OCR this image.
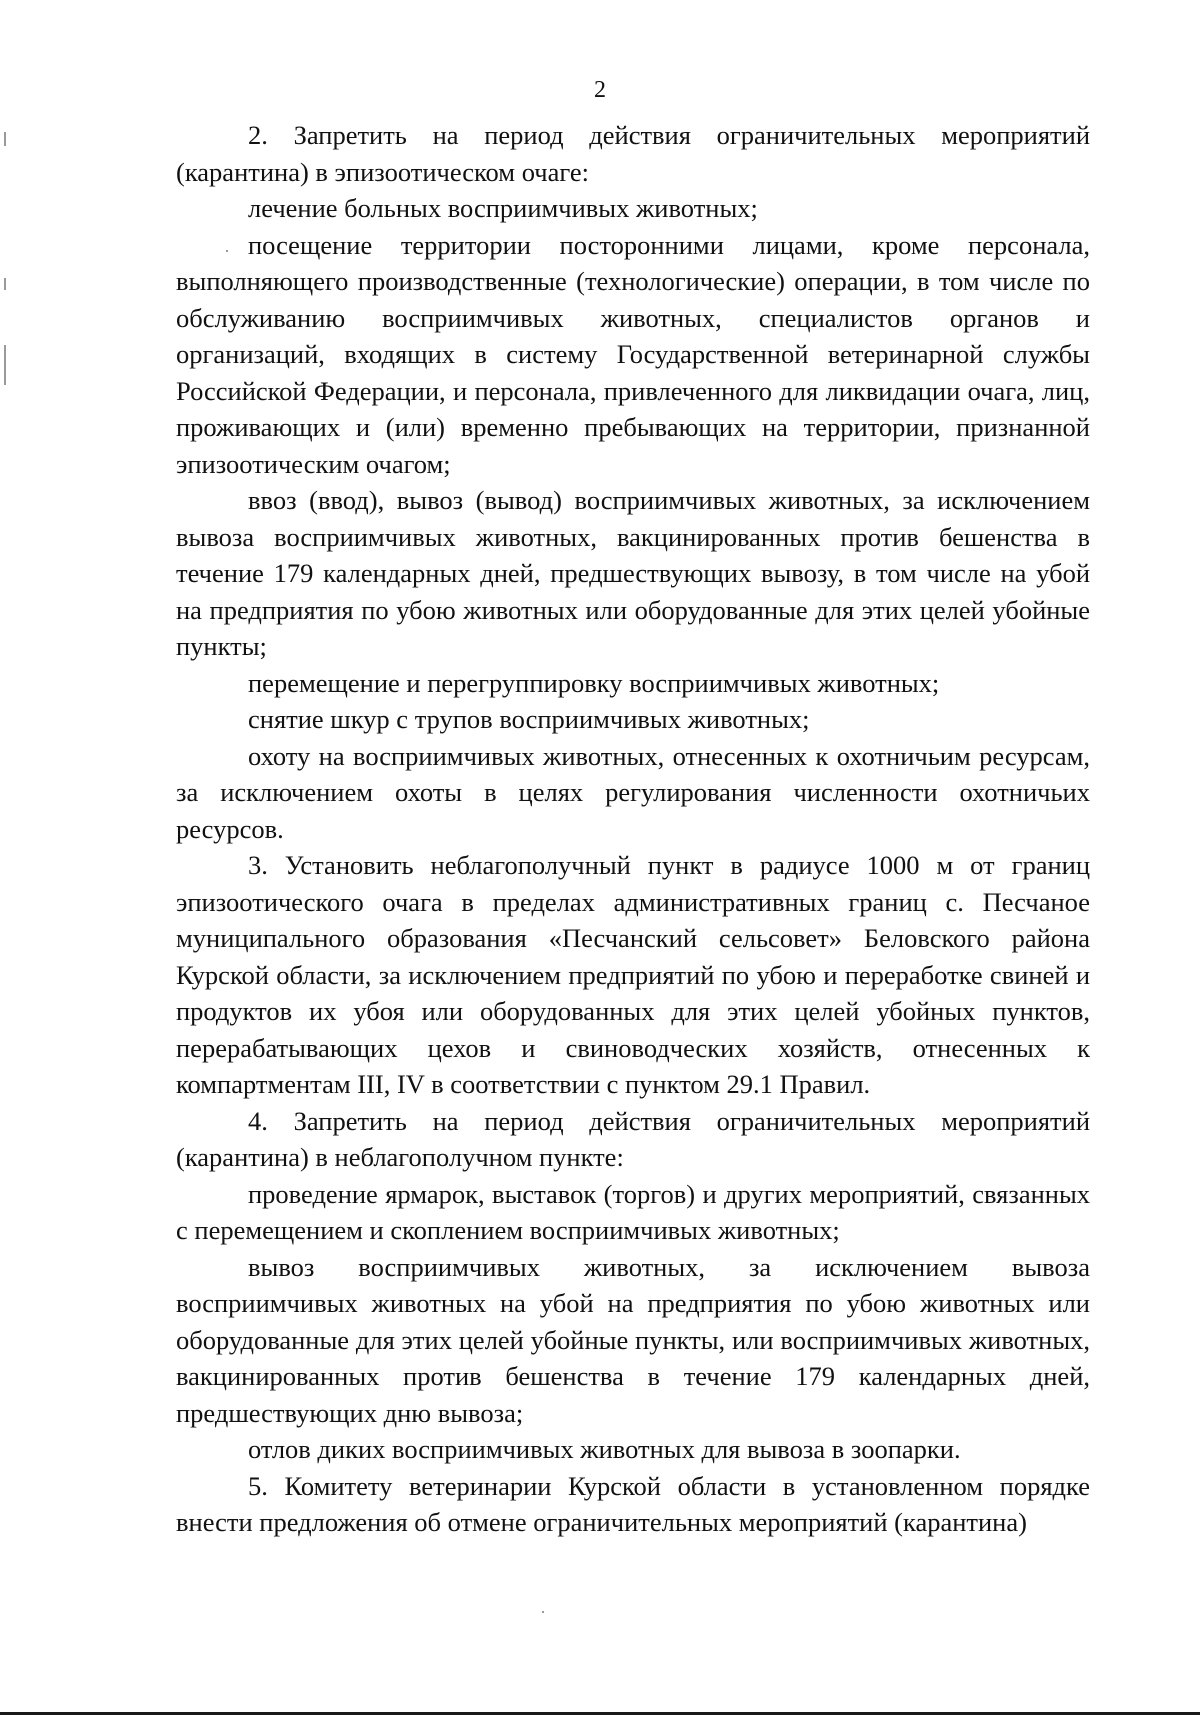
2

2. Запретить на период действия ограничительных мероприятий (карантина) в эпизоотическом очаге:

лечение больных восприимчивых животных;

посещение территории посторонними лицами, кроме персонала, выполняющего производственные (технологические) операции, в том числе по обслуживанию восприимчивых животных, специалистов органов и организаций, входящих в систему Государственной ветеринарной службы Российской Федерации, и персонала, привлеченного для ликвидации очага, лиц, проживающих и (или) временно пребывающих на территории, признанной эпизоотическим очагом;

ввоз (ввод), вывоз (вывод) восприимчивых животных, за исключением вывоза восприимчивых животных, вакцинированных против бешенства в течение 179 календарных дней, предшествующих вывозу, в том числе на убой на предприятия по убою животных или оборудованные для этих целей убойные пункты;

перемещение и перегруппировку восприимчивых животных;

снятие шкур с трупов восприимчивых животных;

охоту на восприимчивых животных, отнесенных к охотничьим ресурсам, за исключением охоты в целях регулирования численности охотничьих ресурсов.

3. Установить неблагополучный пункт в радиусе 1000 м от границ эпизоотического очага в пределах административных границ с. Песчаное муниципального образования «Песчанский сельсовет» Беловского района Курской области, за исключением предприятий по убою и переработке свиней и продуктов их убоя или оборудованных для этих целей убойных пунктов, перерабатывающих цехов и свиноводческих хозяйств, отнесенных к компартментам III, IV в соответствии с пунктом 29.1 Правил.

4. Запретить на период действия ограничительных мероприятий (карантина) в неблагополучном пункте:

проведение ярмарок, выставок (торгов) и других мероприятий, связанных с перемещением и скоплением восприимчивых животных;

вывоз восприимчивых животных, за исключением вывоза восприимчивых животных на убой на предприятия по убою животных или оборудованные для этих целей убойные пункты, или восприимчивых животных, вакцинированных против бешенства в течение 179 календарных дней, предшествующих дню вывоза;

отлов диких восприимчивых животных для вывоза в зоопарки.

5. Комитету ветеринарии Курской области в установленном порядке внести предложения об отмене ограничительных мероприятий (карантина)
